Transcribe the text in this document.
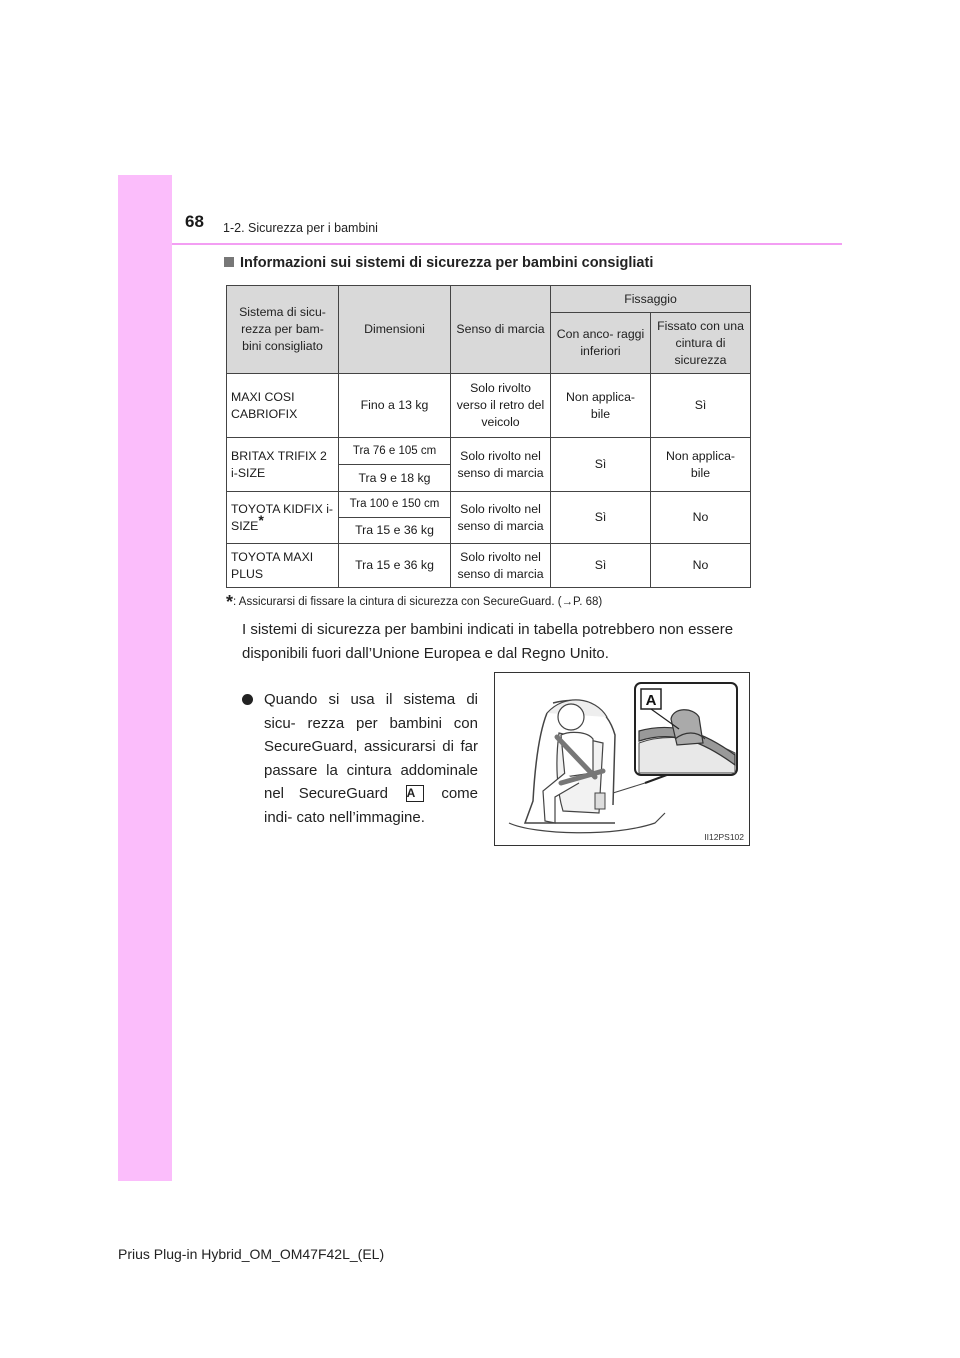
68 1-2. Sicurezza per i bambini
Informazioni sui sistemi di sicurezza per bambini consigliati
Sistema di sicu- rezza per bam- bini consigliato	Dimensioni	Senso di marcia	Fissaggio	
			Con anco- raggi inferiori	Fissato con una cintura di sicurezza
MAXI COSI CABRIOFIX	Fino a 13 kg	Solo rivolto verso il retro del veicolo	Non applica- bile	Sì
BRITAX TRIFIX 2 i-SIZE	Tra 76 e 105 cm	Solo rivolto nel senso di marcia	Sì	Non applica- bile
	Tra 9 e 18 kg			
TOYOTA KIDFIX i-SIZE*	Tra 100 e 150 cm	Solo rivolto nel senso di marcia	Sì	No
	Tra 15 e 36 kg			
TOYOTA MAXI PLUS	Tra 15 e 36 kg	Solo rivolto nel senso di marcia	Sì	No
*: Assicurarsi di fissare la cintura di sicurezza con SecureGuard. (→P. 68)
I sistemi di sicurezza per bambini indicati in tabella potrebbero non essere disponibili fuori dall’Unione Europea e dal Regno Unito.
Quando si usa il sistema di sicu- rezza per bambini con SecureGuard, assicurarsi di far passare la cintura addominale nel SecureGuard A come indi- cato nell’immagine.
A
II12PS102
Prius Plug-in Hybrid_OM_OM47F42L_(EL)
